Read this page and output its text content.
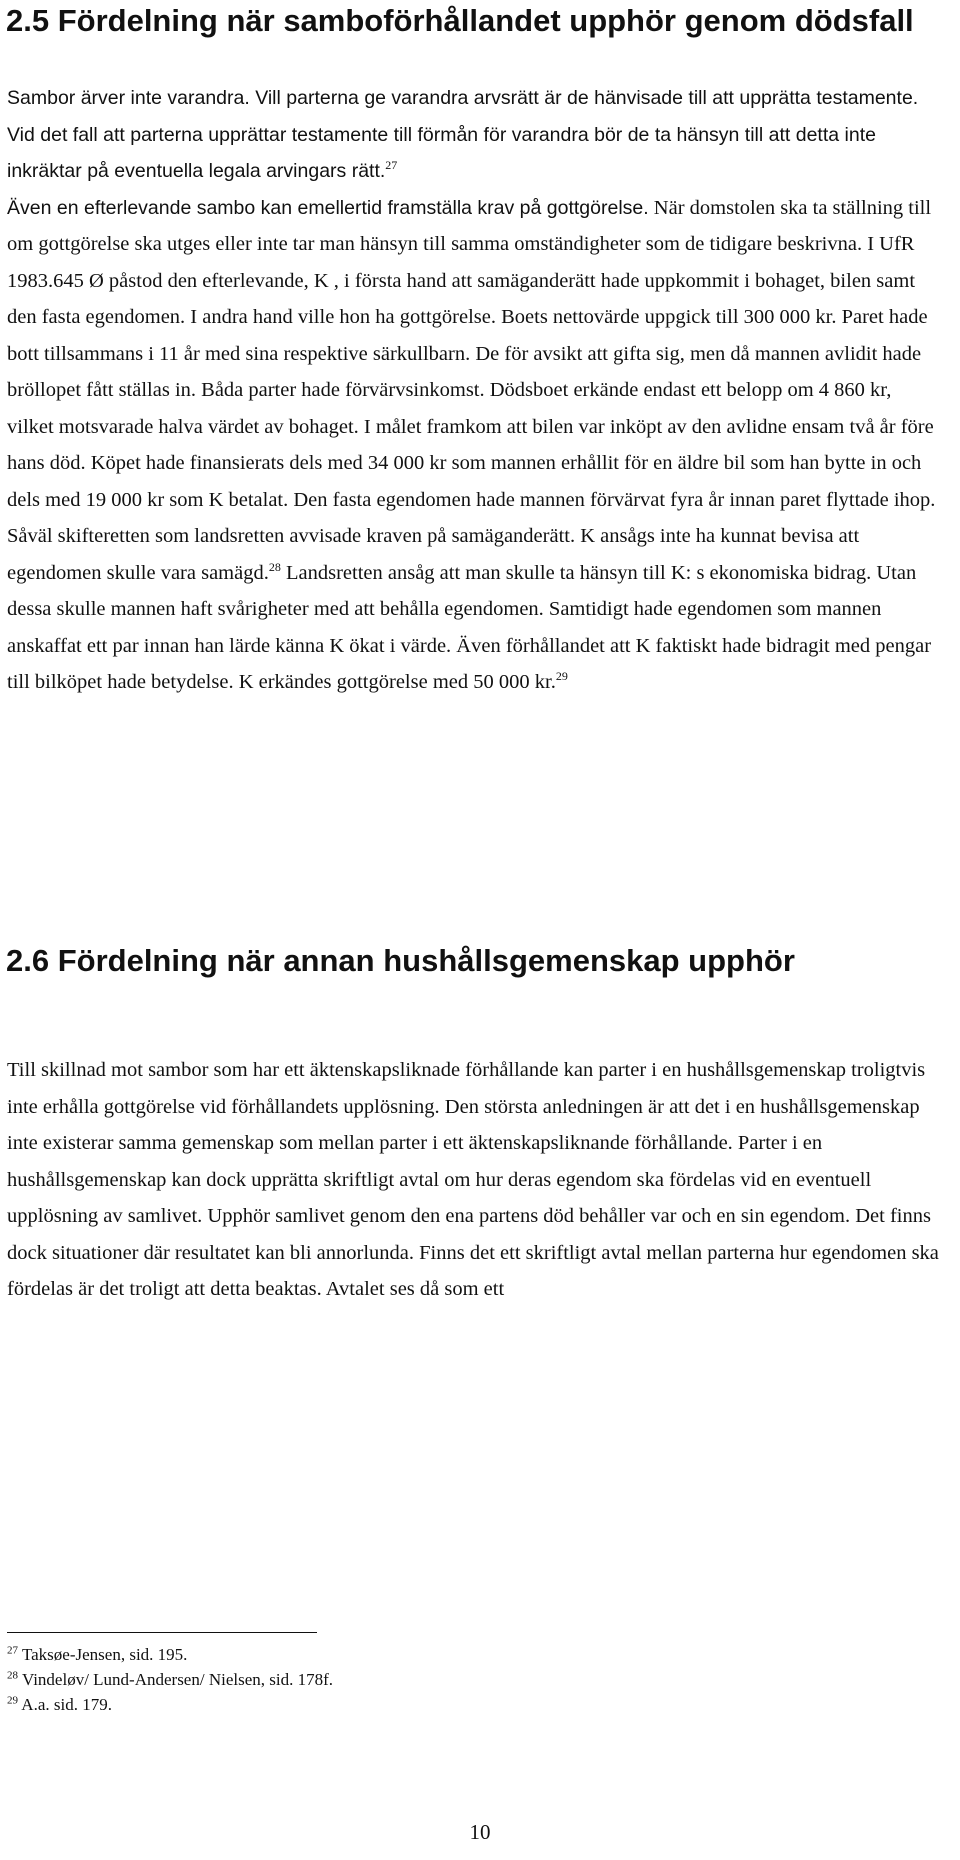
2.5 Fördelning när samboförhållandet upphör genom dödsfall

Sambor ärver inte varandra. Vill parterna ge varandra arvsrätt är de hänvisade till att upprätta testamente. Vid det fall att parterna upprättar testamente till förmån för varandra bör de ta hänsyn till att detta inte inkräktar på eventuella legala arvingars rätt.$^{27}$
Även en efterlevande sambo kan emellertid framställa krav på gottgörelse. När domstolen ska ta ställning till om gottgörelse ska utges eller inte tar man hänsyn till samma omständigheter som de tidigare beskrivna. I UfR 1983.645 Ø påstod den efterlevande, K , i första hand att samäganderätt hade uppkommit i bohaget, bilen samt den fasta egendomen. I andra hand ville hon ha gottgörelse. Boets nettovärde uppgick till 300 000 kr. Paret hade bott tillsammans i 11 år med sina respektive särkullbarn. De för avsikt att gifta sig, men då mannen avlidit hade bröllopet fått ställas in. Båda parter hade förvärvsinkomst. Dödsboet erkände endast ett belopp om 4 860 kr, vilket motsvarade halva värdet av bohaget. I målet framkom att bilen var inköpt av den avlidne ensam två år före hans död. Köpet hade finansierats dels med 34 000 kr som mannen erhållit för en äldre bil som han bytte in och dels med 19 000 kr som K betalat. Den fasta egendomen hade mannen förvärvat fyra år innan paret flyttade ihop. Såväl skifteretten som landsretten avvisade kraven på samäganderätt. K ansågs inte ha kunnat bevisa att egendomen skulle vara samägd.$^{28}$ Landsretten ansåg att man skulle ta hänsyn till K: s ekonomiska bidrag. Utan dessa skulle mannen haft svårigheter med att behålla egendomen. Samtidigt hade egendomen som mannen anskaffat ett par innan han lärde känna K ökat i värde. Även förhållandet att K faktiskt hade bidragit med pengar till bilköpet hade betydelse. K erkändes gottgörelse med 50 000 kr.$^{29}$

2.6 Fördelning när annan hushållsgemenskap upphör

Till skillnad mot sambor som har ett äktenskapsliknade förhållande kan parter i en hushållsgemenskap troligtvis inte erhålla gottgörelse vid förhållandets upplösning. Den största anledningen är att det i en hushållsgemenskap inte existerar samma gemenskap som mellan parter i ett äktenskapsliknande förhållande. Parter i en hushållsgemenskap kan dock upprätta skriftligt avtal om hur deras egendom ska fördelas vid en eventuell upplösning av samlivet. Upphör samlivet genom den ena partens död behåller var och en sin egendom. Det finns dock situationer där resultatet kan bli annorlunda. Finns det ett skriftligt avtal mellan parterna hur egendomen ska fördelas är det troligt att detta beaktas. Avtalet ses då som ett

$^{27}$ Taksøe-Jensen, sid. 195.

$^{28}$ Vindeløv/ Lund-Andersen/ Nielsen, sid. 178f.

$^{29}$ A.a. sid. 179.

10
